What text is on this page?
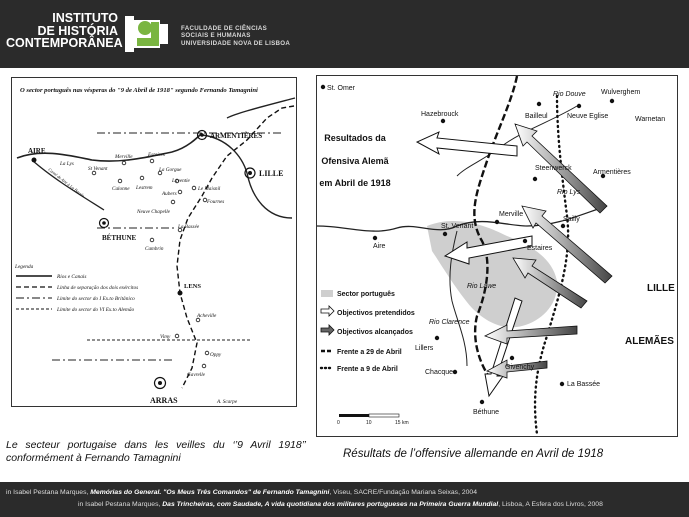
INSTITUTO
DE HISTÓRIA
CONTEMPORÂNEA
FACULDADE DE CIÊNCIAS
SOCIAIS E HUMANAS
UNIVERSIDADE NOVA DE LISBOA
O sector português nas vésperas do "9 de Abril de 1918" segundo Fernando Tamagnini
ARMENTIÈRES
LILLE
AIRE
BÉTHUNE
LENS
ARRAS
La Lys
St Venant
Merville	Estaires
Calonne Lestrem
La Gorgue
Laventie
Aubers
Le Maisnil
Fournes
Neuve Chapelle
La Bassée
Cambrin
Acheville
Vimy
Oppy
Gavrelle
A. Scarpe
Canal de Aire à La Bassée
Legenda
Rios e Canais
Linha de separação dos dois exércitos
Limite do sector do I Ex.to Britânico
Limite do sector do VI Ex.to Alemão
St. Omer
Hazebrouck	Bailleul	Neuve Eglise
Wulverghem
Warnetan
Rio Douve
Steenwerck
Rio Lys
Armentières
Sailly
Merville
St. Venant
Estaires
Aire
Rio Lawe
Rio Clarence
Lillers
Chacques
Givenchy
La Bassée
Béthune
LILLE
ALEMÃES
Resultados da
Ofensiva Alemã
em Abril de 1918
Sector português
Objectivos pretendidos
Objectivos alcançados
Frente a 29 de Abril
Frente a 9 de Abril
0	10	15 km
Le secteur portugaise dans les veilles du ‘’9 Avril 1918’’ conformément à Fernando Tamagnini	Résultats de l’offensive allemande en Avril de 1918
in Isabel Pestana Marques, Memórias do General. "Os Meus Três Comandos" de Fernando Tamagnini, Viseu, SACRE/Fundação Mariana Seixas, 2004
in Isabel Pestana Marques, Das Trincheiras, com Saudade, A vida quotidiana dos militares portugueses na Primeira Guerra Mundial, Lisboa, A Esfera dos Livros, 2008
